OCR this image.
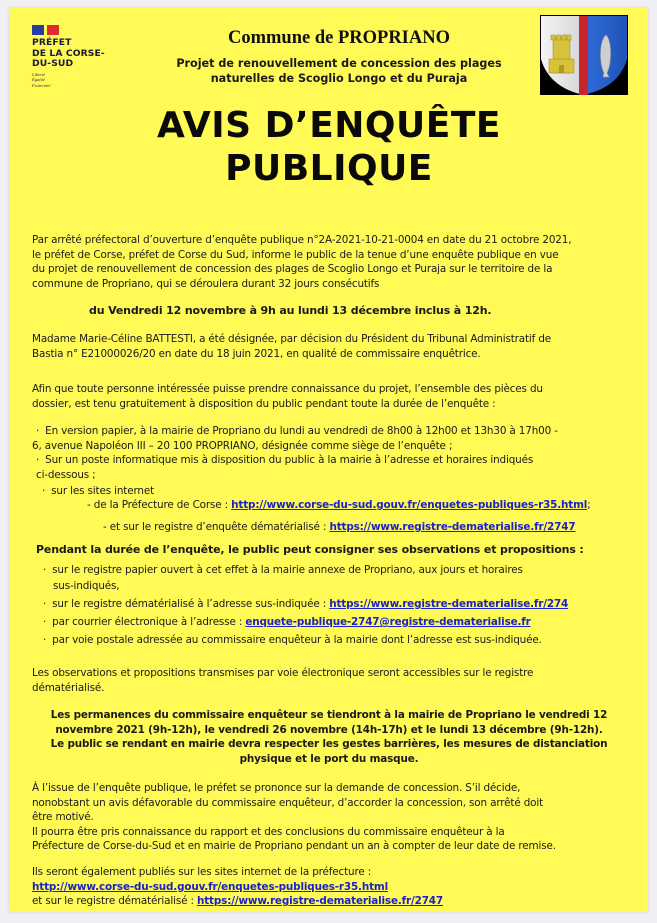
PRÉFET
DE LA CORSE-
DU-SUD
Liberté
Égalité
Fraternité
Commune de PROPRIANO
Projet de renouvellement de concession des plages
naturelles de Scoglio Longo et du Puraja
AVIS D’ENQUÊTE
PUBLIQUE
Par arrêté préfectoral d’ouverture d’enquête publique n°2A-2021-10-21-0004 en date du 21 octobre 2021,
le préfet de Corse, préfet de Corse du Sud, informe le public de la tenue d’une enquête publique en vue
du projet de renouvellement de concession des plages de Scoglio Longo et Puraja sur le territoire de la
commune de Propriano, qui se déroulera durant 32 jours consécutifs
du Vendredi 12 novembre à 9h au lundi 13 décembre inclus à 12h.
Madame Marie-Céline BATTESTI, a été désignée, par décision du Président du Tribunal Administratif de
Bastia n° E21000026/20 en date du 18 juin 2021, en qualité de commissaire enquêtrice.
Afin que toute personne intéressée puisse prendre connaissance du projet, l’ensemble des pièces du
dossier, est tenu gratuitement à disposition du public pendant toute la durée de l’enquête :
· En version papier, à la mairie de Propriano du lundi au vendredi de 8h00 à 12h00 et 13h30 à 17h00 -
6, avenue Napoléon III – 20 100 PROPRIANO, désignée comme siège de l’enquête ;
· Sur un poste informatique mis à disposition du public à la mairie à l’adresse et horaires indiqués
ci-dessous ;
· sur les sites internet
- de la Préfecture de Corse : http://www.corse-du-sud.gouv.fr/enquetes-publiques-r35.html;
- et sur le registre d’enquête dématérialisé : https://www.registre-dematerialise.fr/2747
Pendant la durée de l’enquête, le public peut consigner ses observations et propositions :
· sur le registre papier ouvert à cet effet à la mairie annexe de Propriano, aux jours et horaires
sus-indiqués,
· sur le registre dématérialisé à l’adresse sus-indiquée : https://www.registre-dematerialise.fr/274
· par courrier électronique à l’adresse : enquete-publique-2747@registre-dematerialise.fr
· par voie postale adressée au commissaire enquêteur à la mairie dont l’adresse est sus-indiquée.
Les observations et propositions transmises par voie électronique seront accessibles sur le registre
dématérialisé.
Les permanences du commissaire enquêteur se tiendront à la mairie de Propriano le vendredi 12
novembre 2021 (9h-12h), le vendredi 26 novembre (14h-17h) et le lundi 13 décembre (9h-12h).
Le public se rendant en mairie devra respecter les gestes barrières, les mesures de distanciation
physique et le port du masque.
À l’issue de l’enquête publique, le préfet se prononce sur la demande de concession. S’il décide,
nonobstant un avis défavorable du commissaire enquêteur, d’accorder la concession, son arrêté doit
être motivé.
Il pourra être pris connaissance du rapport et des conclusions du commissaire enquêteur à la
Préfecture de Corse-du-Sud et en mairie de Propriano pendant un an à compter de leur date de remise.
Ils seront également publiés sur les sites internet de la préfecture :
http://www.corse-du-sud.gouv.fr/enquetes-publiques-r35.html
et sur le registre dématérialisé : https://www.registre-dematerialise.fr/2747
